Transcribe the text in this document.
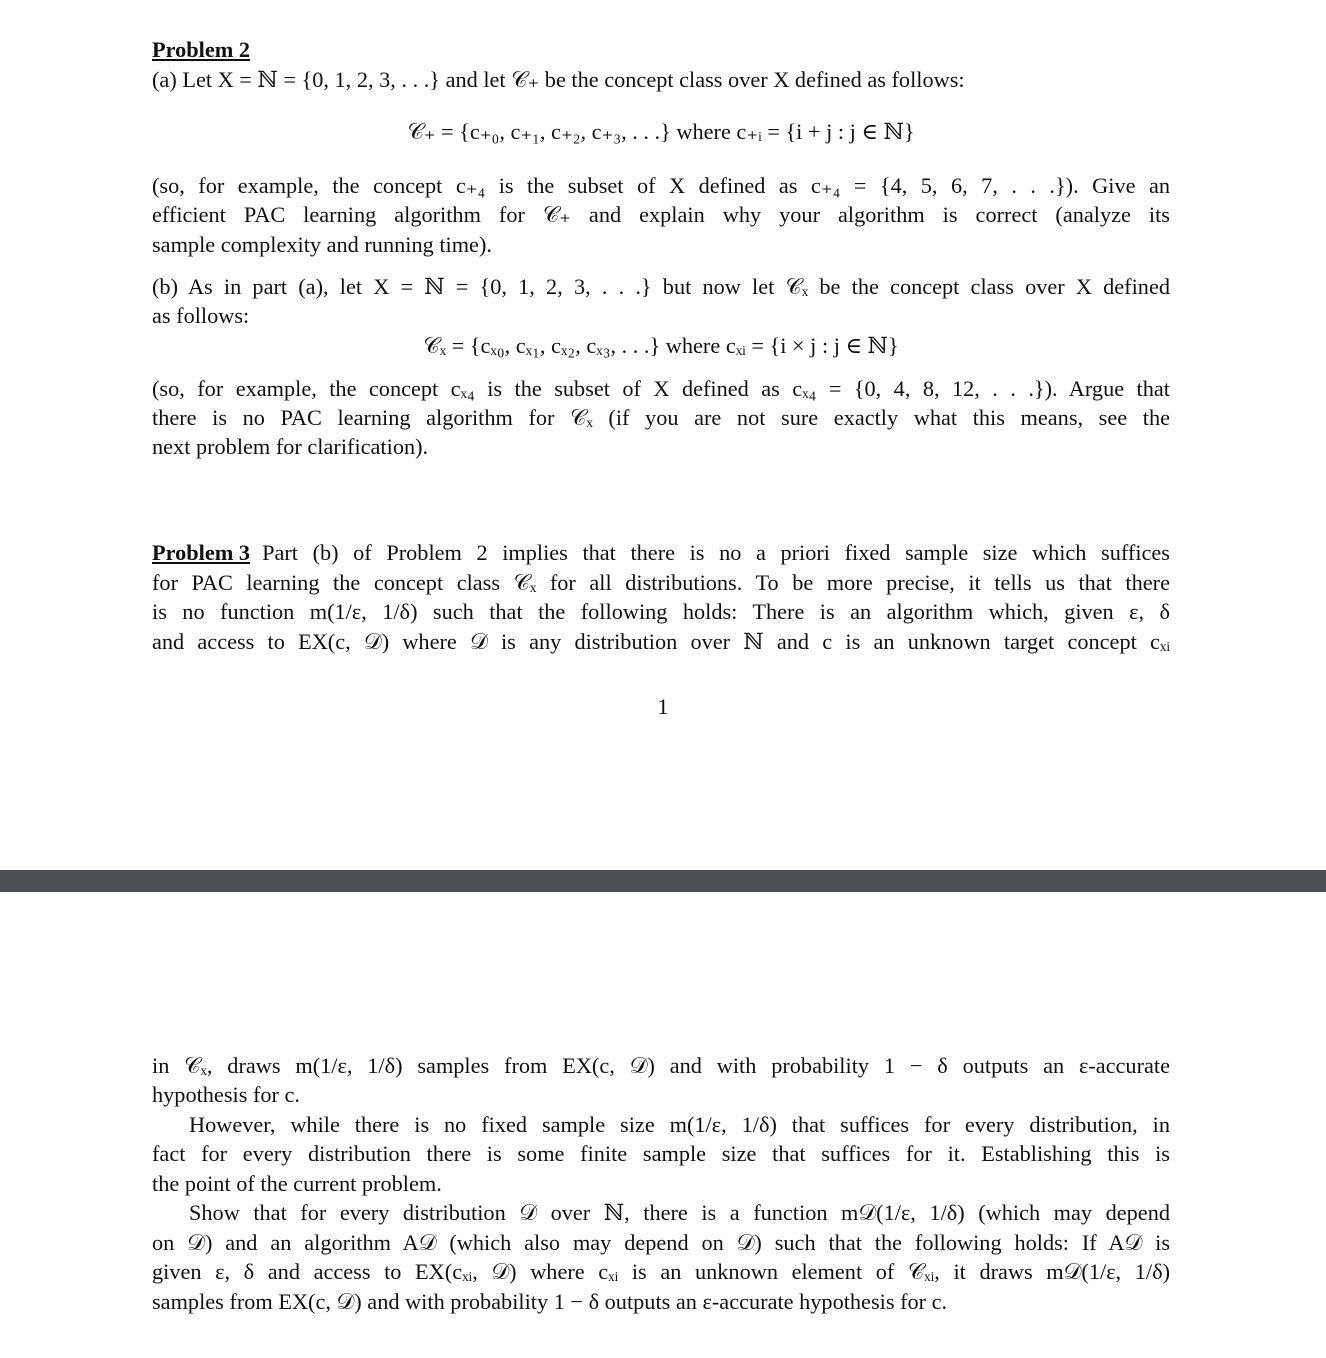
Problem 2
(a) Let X = ℕ = {0, 1, 2, 3, . . .} and let 𝒞₊ be the concept class over X defined as follows:
𝒞₊ = {c₊₀, c₊₁, c₊₂, c₊₃, . . .} where c₊ᵢ = {i + j : j ∈ ℕ}
(so, for example, the concept c₊₄ is the subset of X defined as c₊₄ = {4, 5, 6, 7, . . .}). Give an
efficient PAC learning algorithm for 𝒞₊ and explain why your algorithm is correct (analyze its
sample complexity and running time).
(b) As in part (a), let X = ℕ = {0, 1, 2, 3, . . .} but now let 𝒞ₓ be the concept class over X defined
as follows:
𝒞ₓ = {cₓ₀, cₓ₁, cₓ₂, cₓ₃, . . .} where cₓᵢ = {i × j : j ∈ ℕ}
(so, for example, the concept cₓ₄ is the subset of X defined as cₓ₄ = {0, 4, 8, 12, . . .}). Argue that
there is no PAC learning algorithm for 𝒞ₓ (if you are not sure exactly what this means, see the
next problem for clarification).
Problem 3 Part (b) of Problem 2 implies that there is no a priori fixed sample size which suffices
for PAC learning the concept class 𝒞ₓ for all distributions. To be more precise, it tells us that there
is no function m(1/ε, 1/δ) such that the following holds: There is an algorithm which, given ε, δ
and access to EX(c, 𝒟) where 𝒟 is any distribution over ℕ and c is an unknown target concept cₓᵢ
1
in 𝒞ₓ, draws m(1/ε, 1/δ) samples from EX(c, 𝒟) and with probability 1 − δ outputs an ε-accurate
hypothesis for c.
However, while there is no fixed sample size m(1/ε, 1/δ) that suffices for every distribution, in
fact for every distribution there is some finite sample size that suffices for it. Establishing this is
the point of the current problem.
Show that for every distribution 𝒟 over ℕ, there is a function m𝒟(1/ε, 1/δ) (which may depend
on 𝒟) and an algorithm A𝒟 (which also may depend on 𝒟) such that the following holds: If A𝒟 is
given ε, δ and access to EX(cₓᵢ, 𝒟) where cₓᵢ is an unknown element of 𝒞ₓᵢ, it draws m𝒟(1/ε, 1/δ)
samples from EX(c, 𝒟) and with probability 1 − δ outputs an ε-accurate hypothesis for c.
